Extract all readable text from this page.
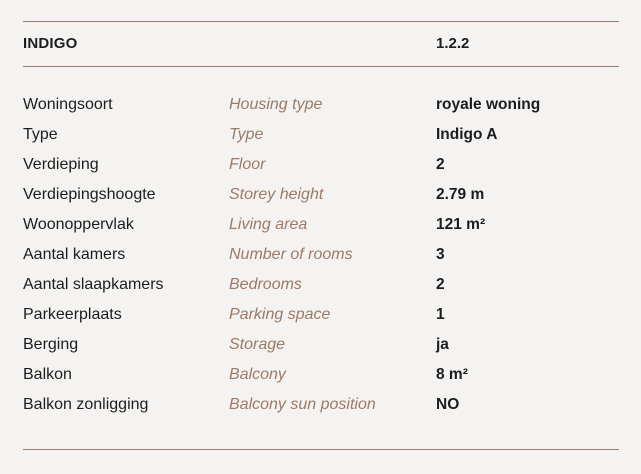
INDIGO	1.2.2
Woningsoort	Housing type	royale woning
Type	Type	Indigo A
Verdieping	Floor	2
Verdiepingshoogte	Storey height	2.79 m
Woonoppervlak	Living area	121 m²
Aantal kamers	Number of rooms	3
Aantal slaapkamers	Bedrooms	2
Parkeerplaats	Parking space	1
Berging	Storage	ja
Balkon	Balcony	8 m²
Balkon zonligging	Balcony sun position	NO
